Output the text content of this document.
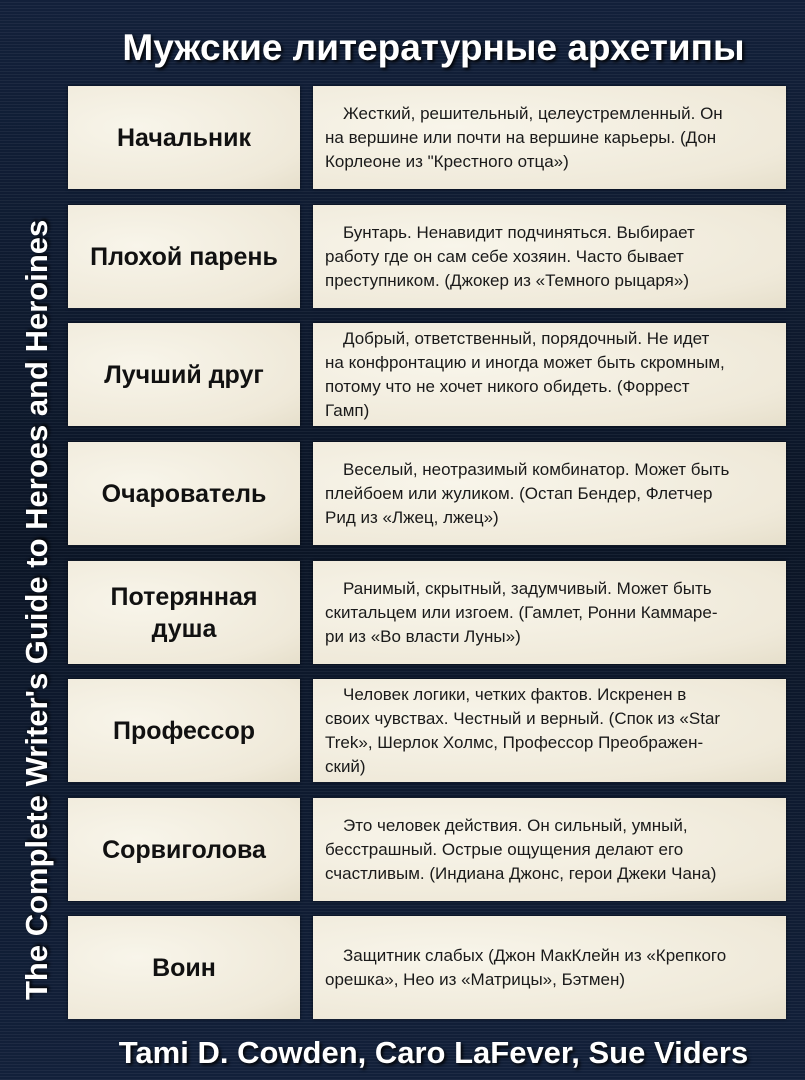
Мужские литературные архетипы
The Complete Writer's Guide to Heroes and Heroines
Начальник
Жесткий, решительный, целеустремленный. Он
на вершине или почти на вершине карьеры. (Дон
Корлеоне из "Крестного отца»)
Плохой парень
Бунтарь. Ненавидит подчиняться. Выбирает
работу где он сам себе хозяин. Часто бывает
преступником. (Джокер из «Темного рыцаря»)
Лучший друг
Добрый, ответственный, порядочный. Не идет
на конфронтацию и иногда может быть скромным,
потому что не хочет никого обидеть. (Форрест
Гамп)
Очарователь
Веселый, неотразимый комбинатор. Может быть
плейбоем или жуликом. (Остап Бендер, Флетчер
Рид из «Лжец, лжец»)
Потерянная
душа
Ранимый, скрытный, задумчивый. Может быть
скитальцем или изгоем. (Гамлет, Ронни Каммаре-
ри из «Во власти Луны»)
Профессор
Человек логики, четких фактов. Искренен в
своих чувствах. Честный и верный. (Спок из «Star
Trek», Шерлок Холмс, Профессор Преображен-
ский)
Сорвиголова
Это человек действия. Он сильный, умный,
бесстрашный. Острые ощущения делают его
счастливым. (Индиана Джонс, герои Джеки Чана)
Воин	Защитник слабых (Джон МакКлейн из «Крепкого
орешка», Нео из «Матрицы», Бэтмен)
Tami D. Cowden, Caro LaFever, Sue Viders
